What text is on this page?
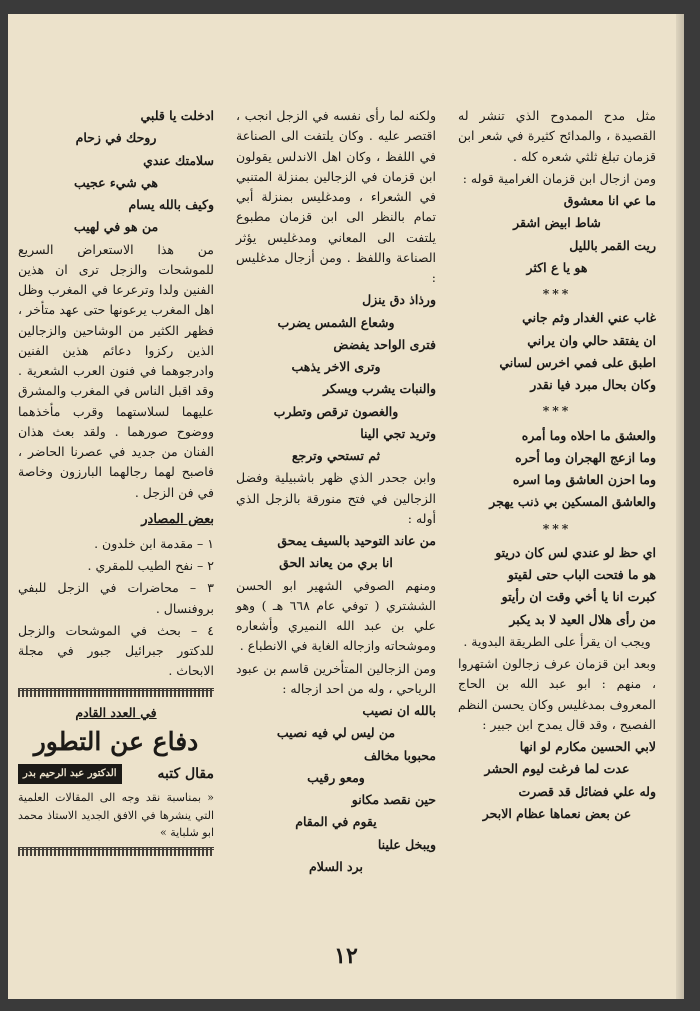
مثل مدح الممدوح الذي تنشر له القصيدة ، والمدائح كثيرة في شعر ابن قزمان تبلغ ثلثي شعره كله .

ومن ازجال ابن قزمان الغرامية قوله :

ما عي انا معشوق

شاط ابيض اشقر

ريت القمر بالليل

هو يا ع اكثر

***

غاب عني الغدار وثم جاني

ان يفتقد حالي وان يراني

اطبق على فمي اخرس لساني

وكان بحال مبرد فيا نقدر

***

والعشق ما احلاه وما أمره

وما ازعج الهجران وما أحره

وما احزن العاشق وما اسره

والعاشق المسكين بي ذنب يهجر

***

اي حظ لو عندي لس كان دريتو

هو ما فتحت الباب حتى لقيتو

كبرت انا يا أخي وقت ان رأيتو

من رأى هلال العيد لا بد يكبر

ويجب ان يقرأ على الطريقة البدوية .

وبعد ابن قزمان عرف زجالون اشتهروا ، منهم : ابو عبد الله بن الحاج المعروف بمدغليس وكان يحسن النظم الفصيح ، وقد قال يمدح ابن جبير :

لابي الحسين مكارم لو انها

عدت لما فرغت ليوم الحشر

وله علي فضائل قد قصرت

عن بعض نعماها عظام الابحر

ولكنه لما رأى نفسه في الزجل انجب ، اقتصر عليه . وكان يلتفت الى الصناعة في اللفظ ، وكان اهل الاندلس يقولون ابن قزمان في الزجالين بمنزلة المتنبي في الشعراء ، ومدغليس بمنزلة أبي تمام بالنظر الى ابن قزمان مطبوع يلتفت الى المعاني ومدغليس يؤثر الصناعة واللفظ . ومن أزجال مدغليس :

ورذاذ دق ينزل

وشعاع الشمس يضرب

فترى الواحد يفضض

وترى الاخر يذهب

والنبات يشرب ويسكر

والغصون ترقص وتطرب

وتريد تجي الينا

ثم تستحي وترجع

وابن جحدر الذي ظهر باشبيلية وفضل الزجالين في فتح منورقة بالزجل الذي أوله :

من عاند التوحيد بالسيف يمحق

انا بري من يعاند الحق

ومنهم الصوفي الشهير ابو الحسن الششتري ( توفي عام ٦٦٨ هـ ) وهو علي بن عبد الله النميري وأشعاره وموشحاته وازجاله الغاية في الانطباع .

ومن الزجالين المتأخرين قاسم بن عبود الرياحي ، وله من احد ازجاله :

بالله ان نصيب

من ليس لي فيه نصيب

محبوبا مخالف

ومعو رقيب

حين نقصد مكانو

يقوم في المقام

ويبخل علينا

برد السلام

ادخلت يا قلبي

روحك في زحام

سلامتك عندي

هي شيء عجيب

وكيف بالله يسام

من هو في لهيب

من هذا الاستعراض السريع للموشحات والزجل ترى ان هذين الفنين ولدا وترعرعا في المغرب وظل اهل المغرب يرعونها حتى عهد متأخر ، فظهر الكثير من الوشاحين والزجالين الذين ركزوا دعائم هذين الفنين وادرجوهما في فنون العرب الشعرية . وقد اقبل الناس في المغرب والمشرق عليهما لسلاستهما وقرب مأخذهما ووضوح صورهما . ولقد بعث هذان الفنان من جديد في عصرنا الحاضر ، فاصبح لهما رجالهما البارزون وخاصة في فن الزجل .

بعض المصادر

١ – مقدمة ابن خلدون .

٢ – نفح الطيب للمقري .

٣ – محاضرات في الزجل للبفي بروفنسال .

٤ – بحث في الموشحات والزجل للدكتور جبرائيل جبور في مجلة الابحاث .

في العدد القادم
دفاع عن التطور
مقال كتبه
الدكتور عبد الرحيم بدر

« بمناسبة نقد وجه الى المقالات العلمية التي ينشرها في الافق الجديد الاستاذ محمد ابو شلباية »

١٢
